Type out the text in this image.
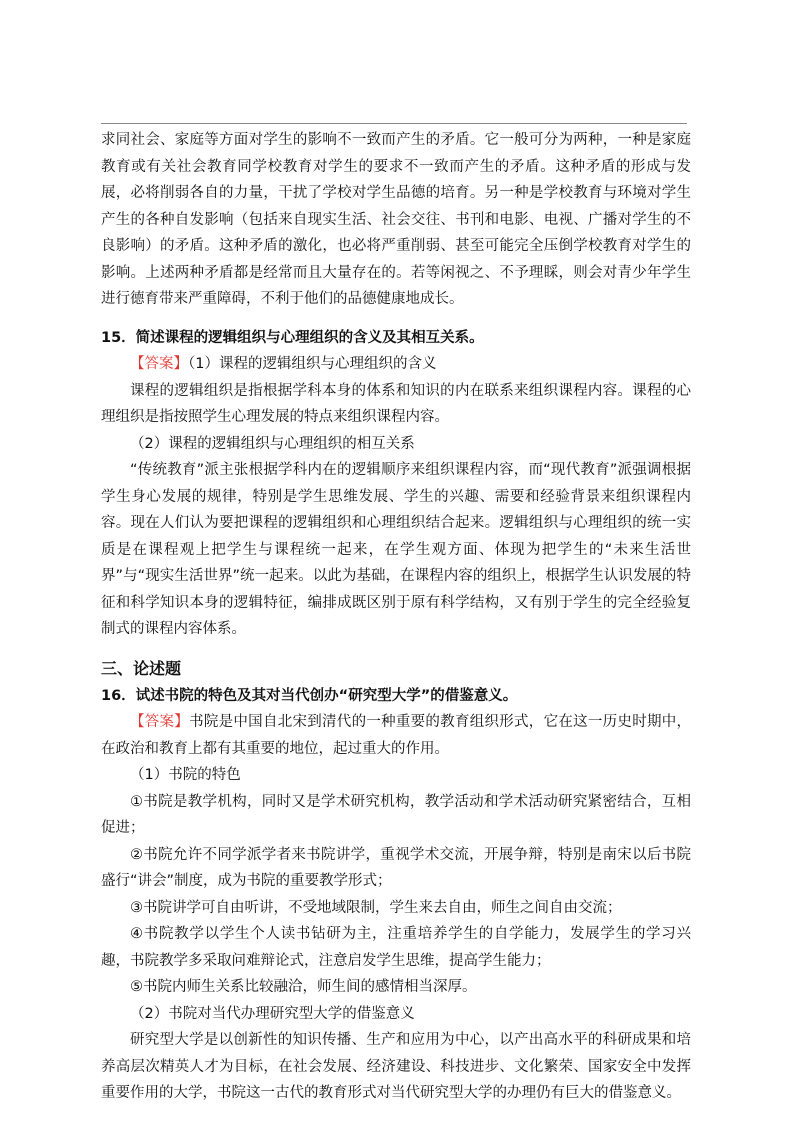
求同社会、家庭等方面对学生的影响不一致而产生的矛盾。它一般可分为两种，一种是家庭教育或有关社会教育同学校教育对学生的要求不一致而产生的矛盾。这种矛盾的形成与发展，必将削弱各自的力量，干扰了学校对学生品德的培育。另一种是学校教育与环境对学生产生的各种自发影响（包括来自现实生活、社会交往、书刊和电影、电视、广播对学生的不良影响）的矛盾。这种矛盾的激化，也必将严重削弱、甚至可能完全压倒学校教育对学生的影响。上述两种矛盾都是经常而且大量存在的。若等闲视之、不予理睬，则会对青少年学生进行德育带来严重障碍，不利于他们的品德健康地成长。

15．简述课程的逻辑组织与心理组织的含义及其相互关系。

【答案】（1）课程的逻辑组织与心理组织的含义

课程的逻辑组织是指根据学科本身的体系和知识的内在联系来组织课程内容。课程的心理组织是指按照学生心理发展的特点来组织课程内容。

（2）课程的逻辑组织与心理组织的相互关系

“传统教育”派主张根据学科内在的逻辑顺序来组织课程内容，而“现代教育”派强调根据学生身心发展的规律，特别是学生思维发展、学生的兴趣、需要和经验背景来组织课程内容。现在人们认为要把课程的逻辑组织和心理组织结合起来。逻辑组织与心理组织的统一实质是在课程观上把学生与课程统一起来，在学生观方面、体现为把学生的“未来生活世界”与“现实生活世界”统一起来。以此为基础，在课程内容的组织上，根据学生认识发展的特征和科学知识本身的逻辑特征，编排成既区别于原有科学结构，又有别于学生的完全经验复制式的课程内容体系。

三、论述题

16．试述书院的特色及其对当代创办“研究型大学”的借鉴意义。

【答案】书院是中国自北宋到清代的一种重要的教育组织形式，它在这一历史时期中，在政治和教育上都有其重要的地位，起过重大的作用。

（1）书院的特色

①书院是教学机构，同时又是学术研究机构，教学活动和学术活动研究紧密结合，互相促进；

②书院允许不同学派学者来书院讲学，重视学术交流，开展争辩，特别是南宋以后书院盛行“讲会”制度，成为书院的重要教学形式；

③书院讲学可自由听讲，不受地域限制，学生来去自由，师生之间自由交流；

④书院教学以学生个人读书钻研为主，注重培养学生的自学能力，发展学生的学习兴趣，书院教学多采取问难辩论式，注意启发学生思维，提高学生能力；

⑤书院内师生关系比较融洽，师生间的感情相当深厚。

（2）书院对当代办理研究型大学的借鉴意义

研究型大学是以创新性的知识传播、生产和应用为中心，以产出高水平的科研成果和培养高层次精英人才为目标，在社会发展、经济建设、科技进步、文化繁荣、国家安全中发挥重要作用的大学，书院这一古代的教育形式对当代研究型大学的办理仍有巨大的借鉴意义。
